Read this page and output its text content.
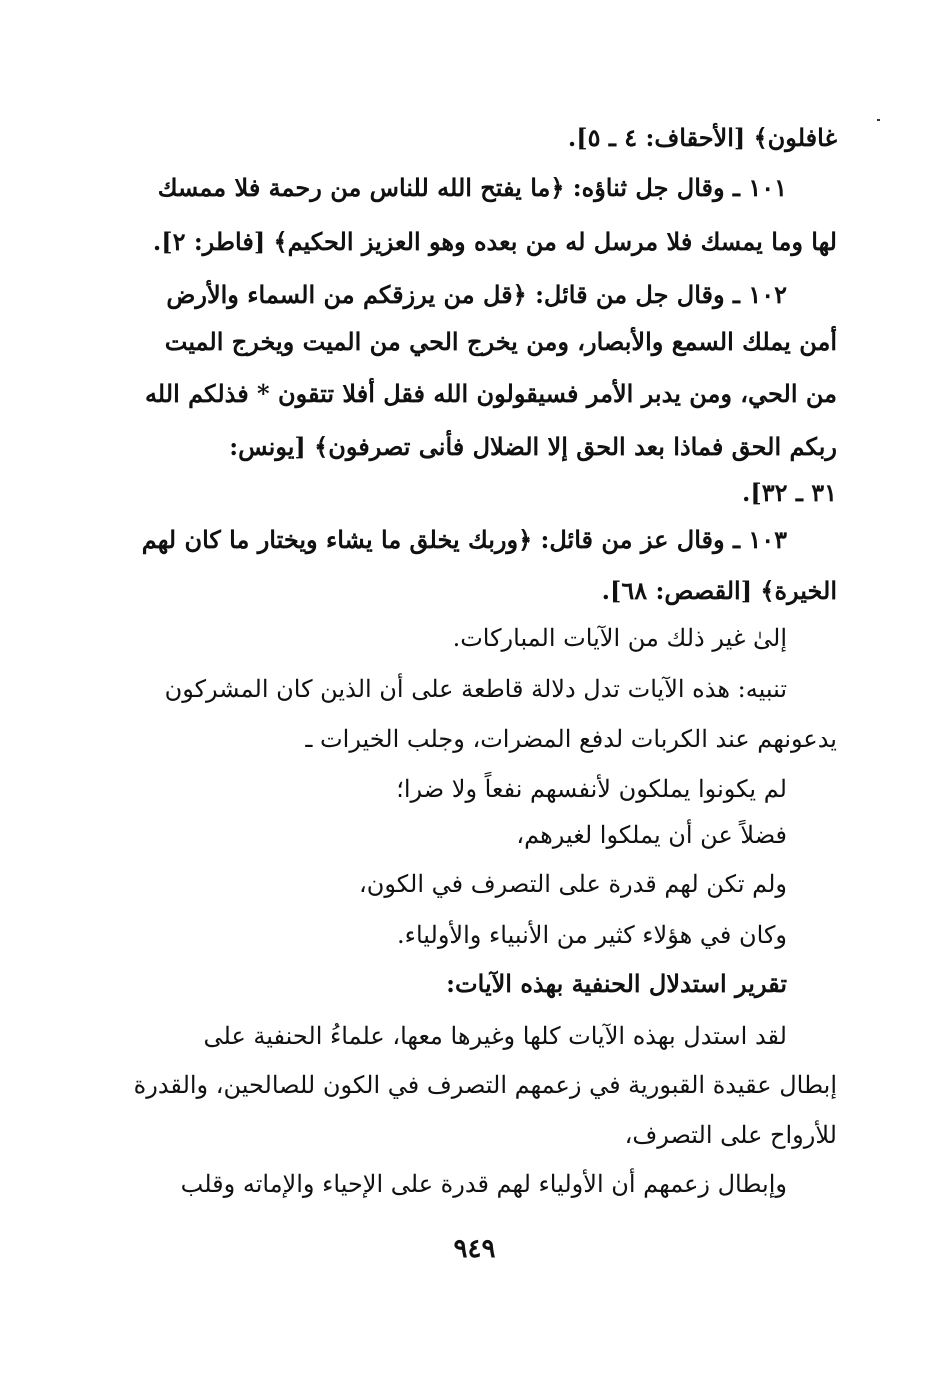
غافلون﴾ [الأحقاف: ٤ ـ ٥].
١٠١ ـ وقال جل ثناؤه: ﴿ما يفتح الله للناس من رحمة فلا ممسك
لها وما يمسك فلا مرسل له من بعده وهو العزيز الحكيم﴾ [فاطر: ٢].
١٠٢ ـ وقال جل من قائل: ﴿قل من يرزقكم من السماء والأرض
أمن يملك السمع والأبصار، ومن يخرج الحي من الميت ويخرج الميت
من الحي، ومن يدبر الأمر فسيقولون الله فقل أفلا تتقون * فذلكم الله
ربكم الحق فماذا بعد الحق إلا الضلال فأنى تصرفون﴾ [يونس:
٣١ ـ ٣٢].
١٠٣ ـ وقال عز من قائل: ﴿وربك يخلق ما يشاء ويختار ما كان لهم
الخيرة﴾ [القصص: ٦٨].
إلىٰ غير ذلك من الآيات المباركات.
تنبيه: هذه الآيات تدل دلالة قاطعة على أن الذين كان المشركون
يدعونهم عند الكربات لدفع المضرات، وجلب الخيرات ـ
لم يكونوا يملكون لأنفسهم نفعاً ولا ضرا؛
فضلاً عن أن يملكوا لغيرهم،
ولم تكن لهم قدرة على التصرف في الكون،
وكان في هؤلاء كثير من الأنبياء والأولياء.
تقرير استدلال الحنفية بهذه الآيات:
لقد استدل بهذه الآيات كلها وغيرها معها، علماءُ الحنفية على
إبطال عقيدة القبورية في زعمهم التصرف في الكون للصالحين، والقدرة
للأرواح على التصرف،
وإبطال زعمهم أن الأولياء لهم قدرة على الإحياء والإماته وقلب
٩٤٩
